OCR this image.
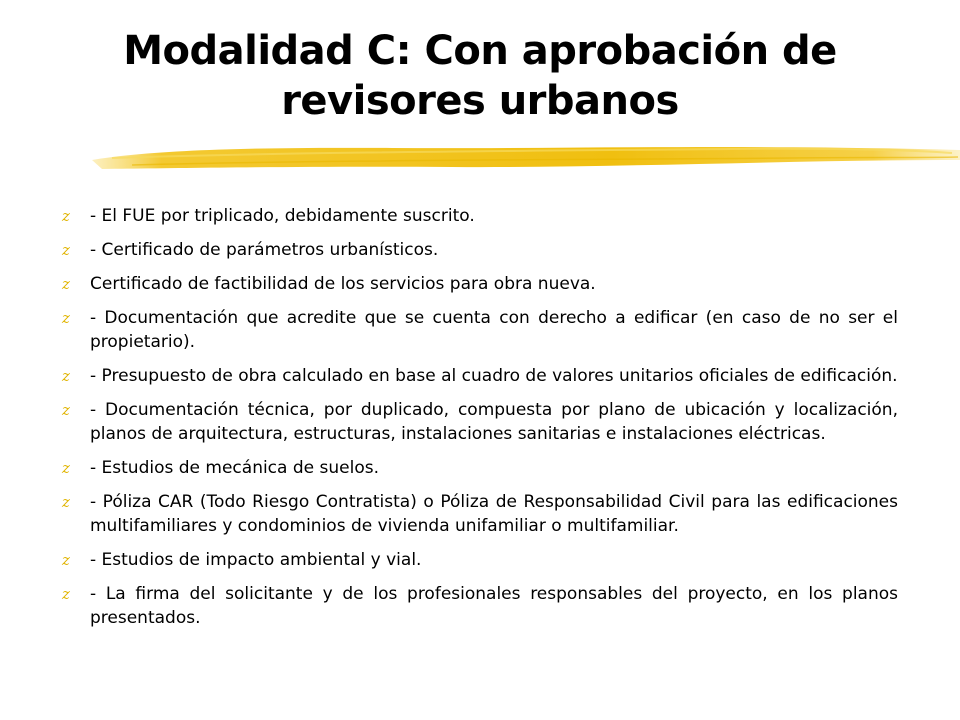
Modalidad C: Con aprobación de
revisores urbanos
z	- El FUE por triplicado, debidamente suscrito.
z	- Certificado de parámetros urbanísticos.
z	Certificado de factibilidad de los servicios para obra nueva.
z	- Documentación que acredite que se cuenta con derecho a edificar (en caso de no ser el propietario).
z	- Presupuesto de obra calculado en base al cuadro de valores unitarios oficiales de edificación.
z	- Documentación técnica, por duplicado, compuesta por plano de ubicación y localización, planos de arquitectura, estructuras, instalaciones sanitarias e instalaciones eléctricas.
z	- Estudios de mecánica de suelos.
z	- Póliza CAR (Todo Riesgo Contratista) o Póliza de Responsabilidad Civil para las edificaciones multifamiliares y condominios de vivienda unifamiliar o multifamiliar.
z	- Estudios de impacto ambiental y vial.
z	- La firma del solicitante y de los profesionales responsables del proyecto, en los planos presentados.
